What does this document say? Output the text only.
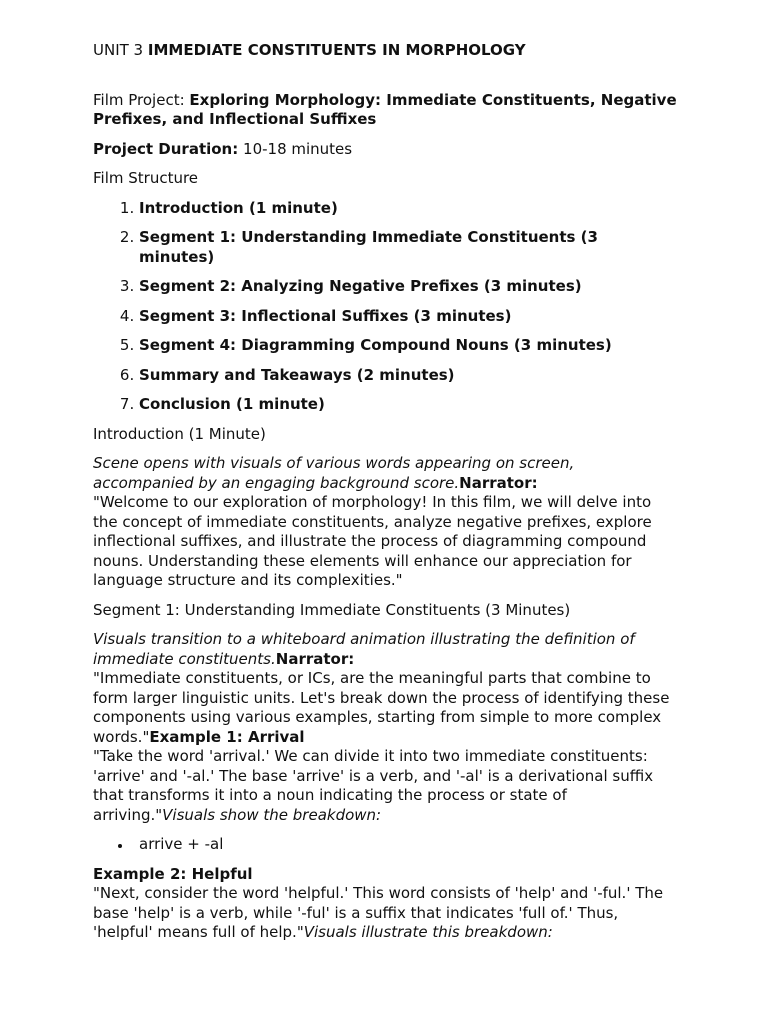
UNIT 3 IMMEDIATE CONSTITUENTS IN MORPHOLOGY

Film Project: Exploring Morphology: Immediate Constituents, Negative Prefixes, and Inflectional Suffixes

Project Duration: 10-18 minutes

Film Structure

1. Introduction (1 minute)
2. Segment 1: Understanding Immediate Constituents (3 minutes)
3. Segment 2: Analyzing Negative Prefixes (3 minutes)
4. Segment 3: Inflectional Suffixes (3 minutes)
5. Segment 4: Diagramming Compound Nouns (3 minutes)
6. Summary and Takeaways (2 minutes)
7. Conclusion (1 minute)

Introduction (1 Minute)

Scene opens with visuals of various words appearing on screen, accompanied by an engaging background score.Narrator:
"Welcome to our exploration of morphology! In this film, we will delve into the concept of immediate constituents, analyze negative prefixes, explore inflectional suffixes, and illustrate the process of diagramming compound nouns. Understanding these elements will enhance our appreciation for language structure and its complexities."

Segment 1: Understanding Immediate Constituents (3 Minutes)

Visuals transition to a whiteboard animation illustrating the definition of immediate constituents.Narrator:
"Immediate constituents, or ICs, are the meaningful parts that combine to form larger linguistic units. Let's break down the process of identifying these components using various examples, starting from simple to more complex words."Example 1: Arrival
"Take the word 'arrival.' We can divide it into two immediate constituents: 'arrive' and '-al.' The base 'arrive' is a verb, and '-al' is a derivational suffix that transforms it into a noun indicating the process or state of arriving."Visuals show the breakdown:

arrive + -al

Example 2: Helpful
"Next, consider the word 'helpful.' This word consists of 'help' and '-ful.' The base 'help' is a verb, while '-ful' is a suffix that indicates 'full of.' Thus, 'helpful' means full of help."Visuals illustrate this breakdown:
